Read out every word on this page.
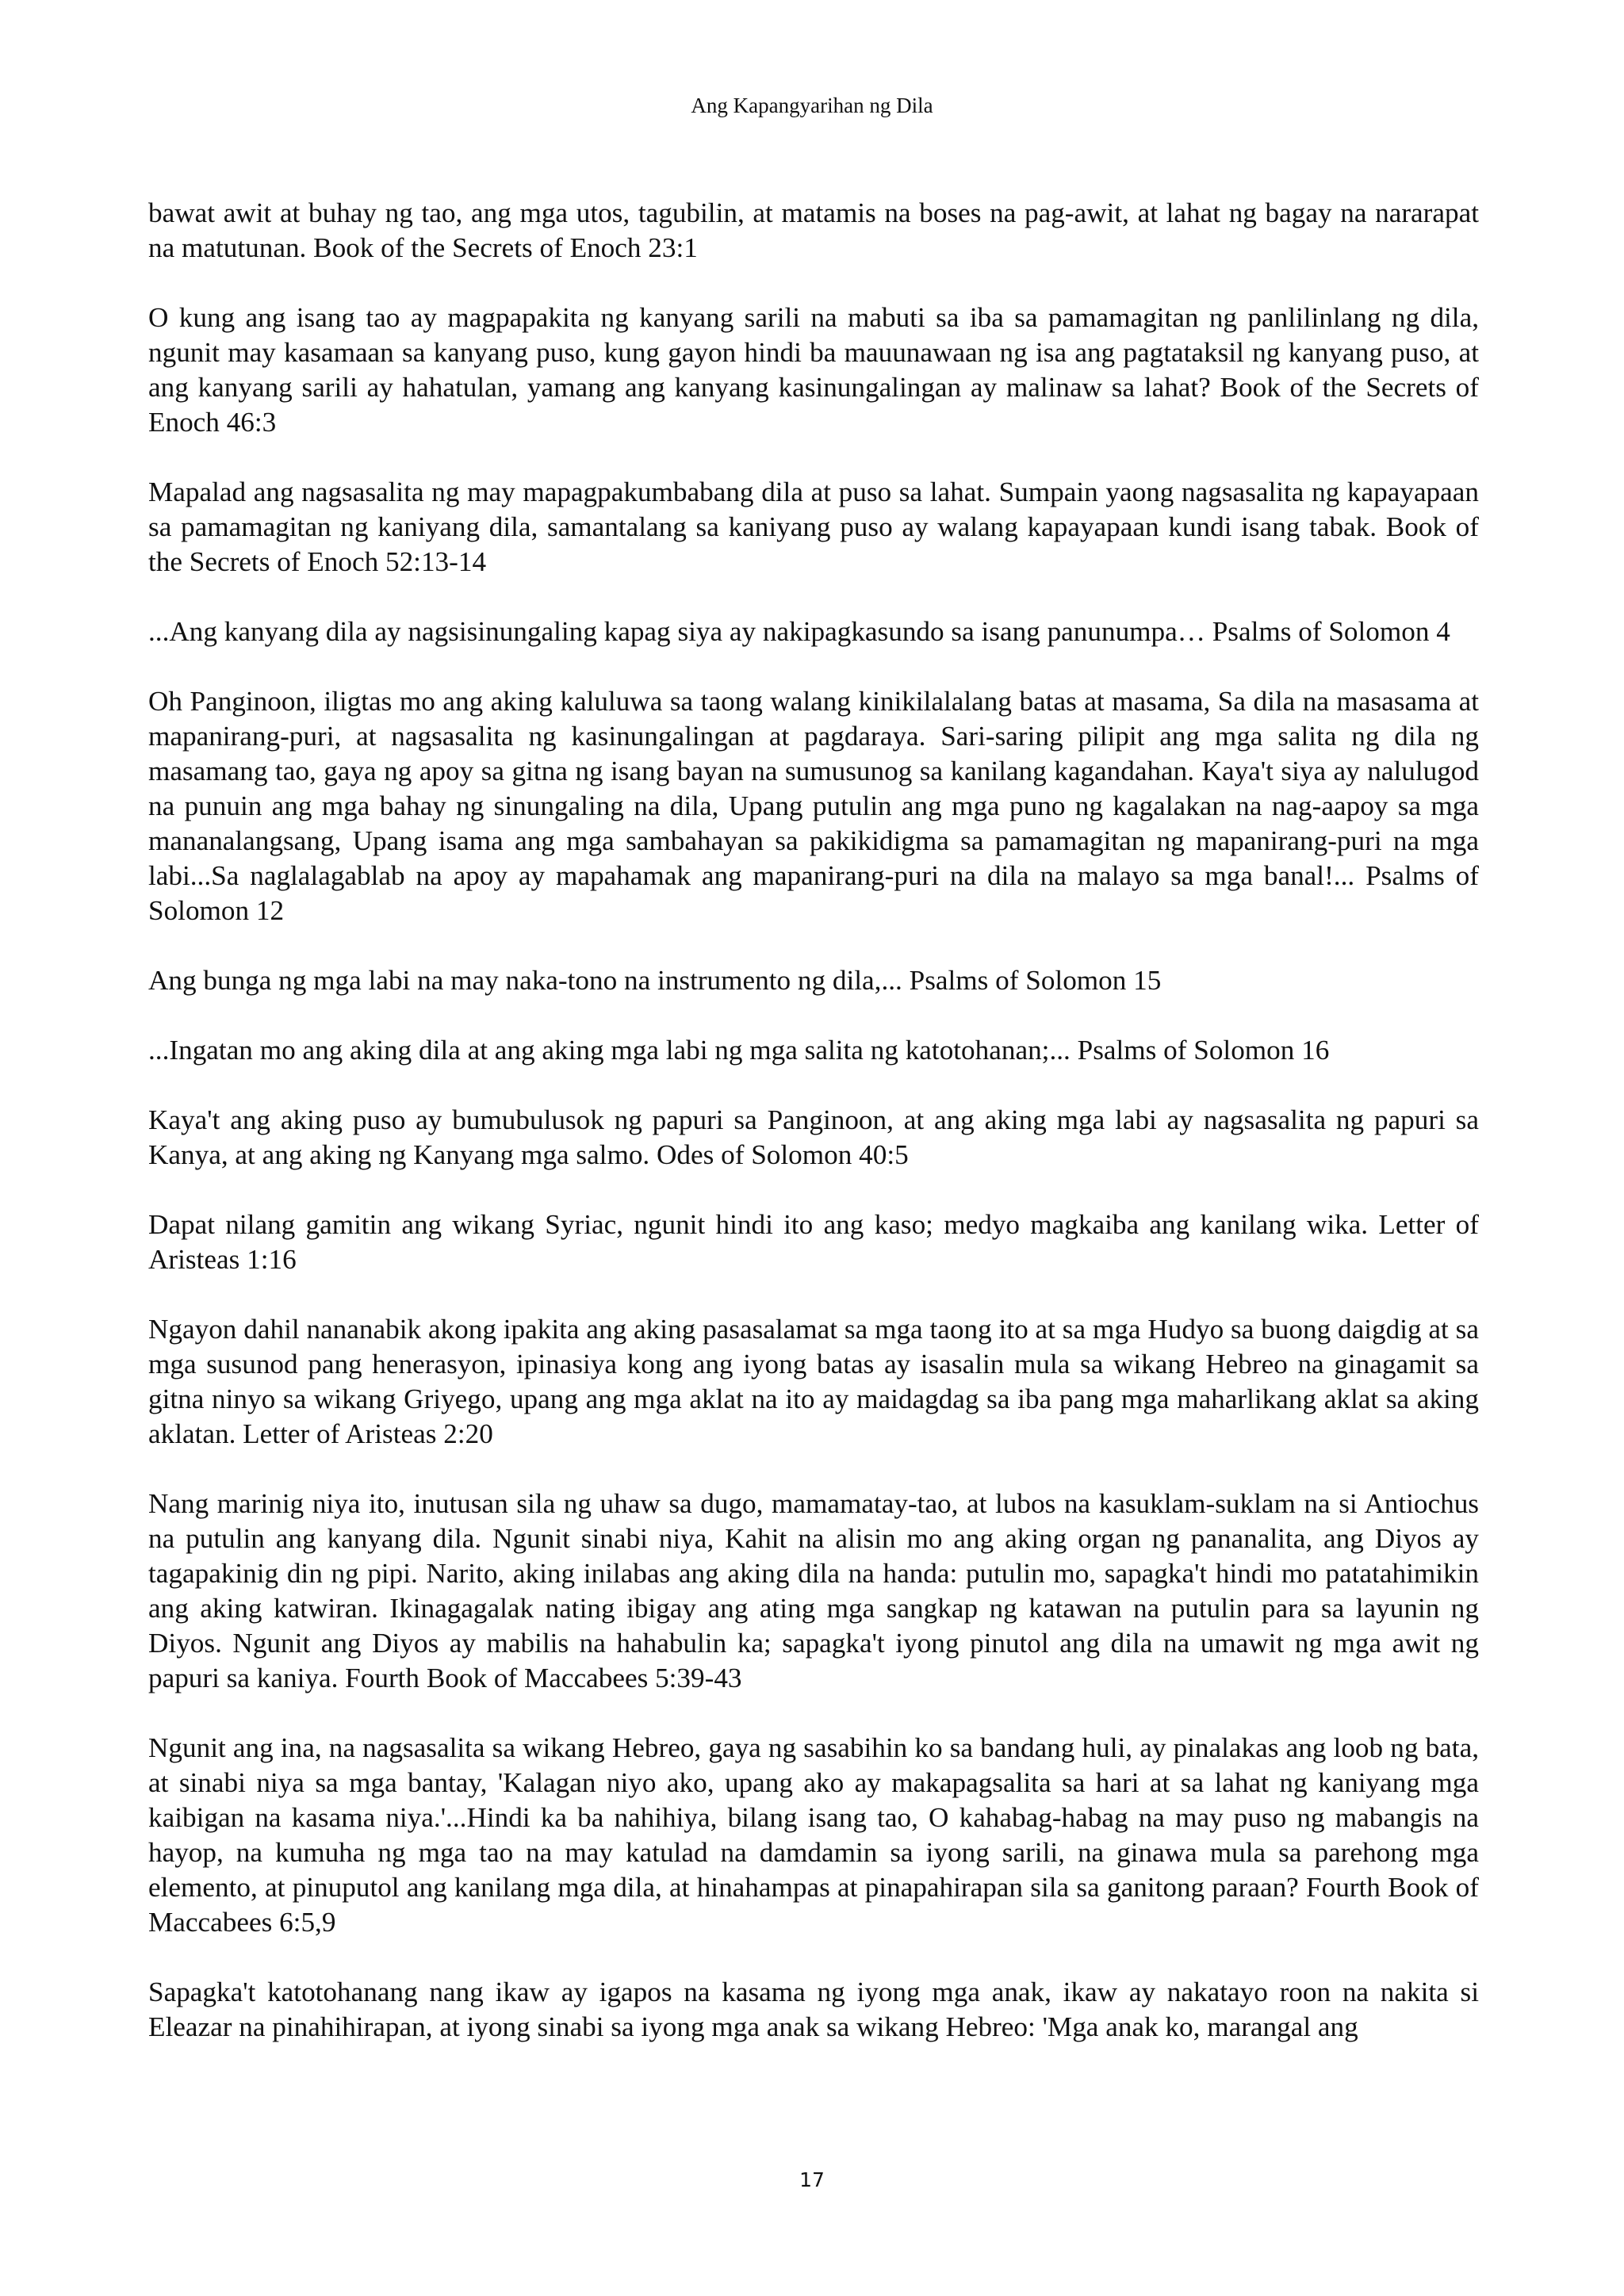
Ang Kapangyarihan ng Dila

bawat awit at buhay ng tao, ang mga utos, tagubilin, at matamis na boses na pag-awit, at lahat ng bagay na nararapat na matutunan. Book of the Secrets of Enoch 23:1

O kung ang isang tao ay magpapakita ng kanyang sarili na mabuti sa iba sa pamamagitan ng panlilinlang ng dila, ngunit may kasamaan sa kanyang puso, kung gayon hindi ba mauunawaan ng isa ang pagtataksil ng kanyang puso, at ang kanyang sarili ay hahatulan, yamang ang kanyang kasinungalingan ay malinaw sa lahat? Book of the Secrets of Enoch 46:3

Mapalad ang nagsasalita ng may mapagpakumbabang dila at puso sa lahat. Sumpain yaong nagsasalita ng kapayapaan sa pamamagitan ng kaniyang dila, samantalang sa kaniyang puso ay walang kapayapaan kundi isang tabak. Book of the Secrets of Enoch 52:13-14

...Ang kanyang dila ay nagsisinungaling kapag siya ay nakipagkasundo sa isang panunumpa… Psalms of Solomon 4

Oh Panginoon, iligtas mo ang aking kaluluwa sa taong walang kinikilalalang batas at masama, Sa dila na masasama at mapanirang-puri, at nagsasalita ng kasinungalingan at pagdaraya. Sari-saring pilipit ang mga salita ng dila ng masamang tao, gaya ng apoy sa gitna ng isang bayan na sumusunog sa kanilang kagandahan. Kaya't siya ay nalulugod na punuin ang mga bahay ng sinungaling na dila, Upang putulin ang mga puno ng kagalakan na nag-aapoy sa mga mananalangsang, Upang isama ang mga sambahayan sa pakikidigma sa pamamagitan ng mapanirang-puri na mga labi...Sa naglalagablab na apoy ay mapahamak ang mapanirang-puri na dila na malayo sa mga banal!... Psalms of Solomon 12

Ang bunga ng mga labi na may naka-tono na instrumento ng dila,... Psalms of Solomon 15

...Ingatan mo ang aking dila at ang aking mga labi ng mga salita ng katotohanan;... Psalms of Solomon 16

Kaya't ang aking puso ay bumubulusok ng papuri sa Panginoon, at ang aking mga labi ay nagsasalita ng papuri sa Kanya, at ang aking ng Kanyang mga salmo. Odes of Solomon 40:5

Dapat nilang gamitin ang wikang Syriac, ngunit hindi ito ang kaso; medyo magkaiba ang kanilang wika. Letter of Aristeas 1:16

Ngayon dahil nananabik akong ipakita ang aking pasasalamat sa mga taong ito at sa mga Hudyo sa buong daigdig at sa mga susunod pang henerasyon, ipinasiya kong ang iyong batas ay isasalin mula sa wikang Hebreo na ginagamit sa gitna ninyo sa wikang Griyego, upang ang mga aklat na ito ay maidagdag sa iba pang mga maharlikang aklat sa aking aklatan. Letter of Aristeas 2:20

Nang marinig niya ito, inutusan sila ng uhaw sa dugo, mamamatay-tao, at lubos na kasuklam-suklam na si Antiochus na putulin ang kanyang dila. Ngunit sinabi niya, Kahit na alisin mo ang aking organ ng pananalita, ang Diyos ay tagapakinig din ng pipi. Narito, aking inilabas ang aking dila na handa: putulin mo, sapagka't hindi mo patatahimikin ang aking katwiran. Ikinagagalak nating ibigay ang ating mga sangkap ng katawan na putulin para sa layunin ng Diyos. Ngunit ang Diyos ay mabilis na hahabulin ka; sapagka't iyong pinutol ang dila na umawit ng mga awit ng papuri sa kaniya. Fourth Book of Maccabees 5:39-43

Ngunit ang ina, na nagsasalita sa wikang Hebreo, gaya ng sasabihin ko sa bandang huli, ay pinalakas ang loob ng bata, at sinabi niya sa mga bantay, 'Kalagan niyo ako, upang ako ay makapagsalita sa hari at sa lahat ng kaniyang mga kaibigan na kasama niya.'...Hindi ka ba nahihiya, bilang isang tao, O kahabag-habag na may puso ng mabangis na hayop, na kumuha ng mga tao na may katulad na damdamin sa iyong sarili, na ginawa mula sa parehong mga elemento, at pinuputol ang kanilang mga dila, at hinahampas at pinapahirapan sila sa ganitong paraan? Fourth Book of Maccabees 6:5,9

Sapagka't katotohanang nang ikaw ay igapos na kasama ng iyong mga anak, ikaw ay nakatayo roon na nakita si Eleazar na pinahihirapan, at iyong sinabi sa iyong mga anak sa wikang Hebreo: 'Mga anak ko, marangal ang

17
